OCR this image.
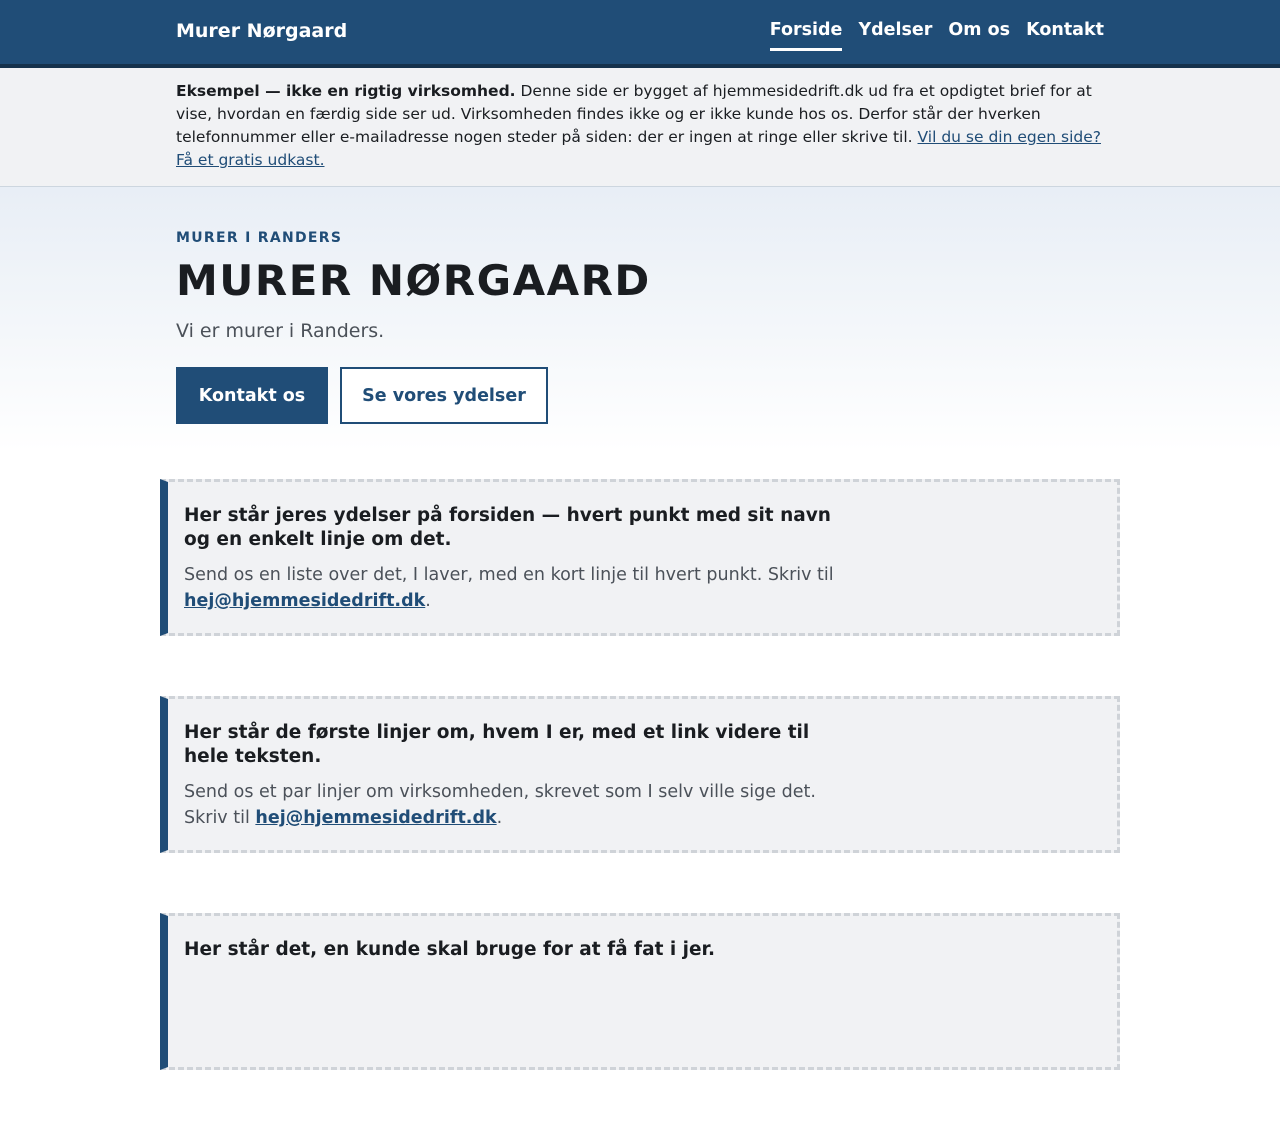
Murer Nørgaard	Forside Ydelser Om os Kontakt
Eksempel — ikke en rigtig virksomhed. Denne side er bygget af hjemmesidedrift.dk ud fra et opdigtet brief for at vise, hvordan en færdig side ser ud. Virksomheden findes ikke og er ikke kunde hos os. Derfor står der hverken telefonnummer eller e-mailadresse nogen steder på siden: der er ingen at ringe eller skrive til. Vil du se din egen side? Få et gratis udkast.
MURER I RANDERS
MURER NØRGAARD
Vi er murer i Randers.
Kontakt os	Se vores ydelser
Her står jeres ydelser på forsiden — hvert punkt med sit navn og en enkelt linje om det.

Send os en liste over det, I laver, med en kort linje til hvert punkt. Skriv til hej@hjemmesidedrift.dk.

Her står de første linjer om, hvem I er, med et link videre til hele teksten.

Send os et par linjer om virksomheden, skrevet som I selv ville sige det. Skriv til hej@hjemmesidedrift.dk.

Her står det, en kunde skal bruge for at få fat i jer.
